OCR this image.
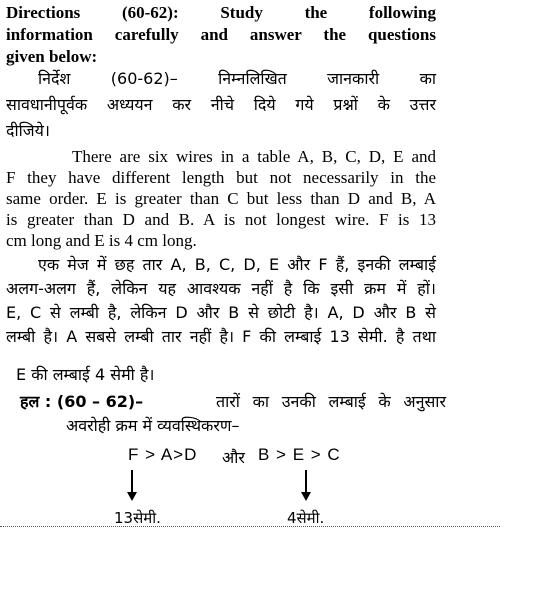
Directions (60-62): Study the following
information carefully and answer the questions
given below:
निर्देश (60-62)– निम्नलिखित जानकारी का
सावधानीपूर्वक अध्ययन कर नीचे दिये गये प्रश्नों के उत्तर
दीजिये।
There are six wires in a table A, B, C, D, E and
F they have different length but not necessarily in the
same order. E is greater than C but less than D and B, A
is greater than D and B. A is not longest wire. F is 13
cm long and E is 4 cm long.
एक मेज में छह तार A, B, C, D, E और F हैं, इनकी लम्बाई
अलग-अलग हैं, लेकिन यह आवश्यक नहीं है कि इसी क्रम में हों।
E, C से लम्बी है, लेकिन D और B से छोटी है। A, D और B से
लम्बी है। A सबसे लम्बी तार नहीं है। F की लम्बाई 13 सेमी. है तथा
E की लम्बाई 4 सेमी है।
हल : (60 – 62)–	तारों का उनकी लम्बाई के अनुसार
अवरोही क्रम में व्यवस्थिकरण–
F > A>D और B > E > C
13सेमी.	4सेमी.
